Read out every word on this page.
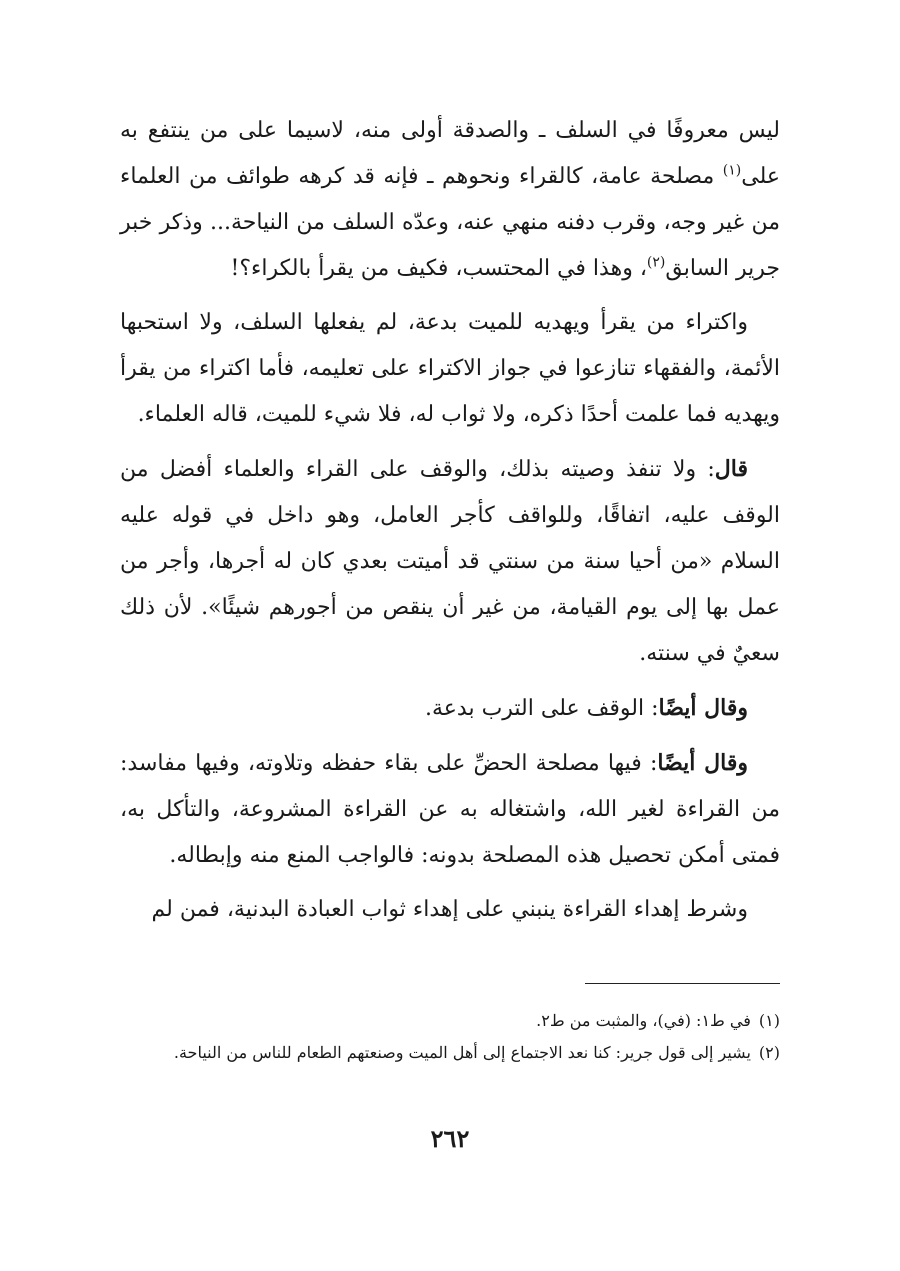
ليس معروفًا في السلف ـ والصدقة أولى منه، لاسيما على من ينتفع به على$^{(١)}$ مصلحة عامة، كالقراء ونحوهم ـ فإنه قد كرهه طوائف من العلماء من غير وجه، وقرب دفنه منهي عنه، وعدّه السلف من النياحة... وذكر خبر جرير السابق$^{(٢)}$، وهذا في المحتسب، فكيف من يقرأ بالكراء؟!

واكتراء من يقرأ ويهديه للميت بدعة، لم يفعلها السلف، ولا استحبها الأئمة، والفقهاء تنازعوا في جواز الاكتراء على تعليمه، فأما اكتراء من يقرأ ويهديه فما علمت أحدًا ذكره، ولا ثواب له، فلا شيء للميت، قاله العلماء.

قال: ولا تنفذ وصيته بذلك، والوقف على القراء والعلماء أفضل من الوقف عليه، اتفاقًا، وللواقف كأجر العامل، وهو داخل في قوله عليه السلام «من أحيا سنة من سنتي قد أميتت بعدي كان له أجرها، وأجر من عمل بها إلى يوم القيامة، من غير أن ينقص من أجورهم شيئًا». لأن ذلك سعيٌ في سنته.

وقال أيضًا: الوقف على الترب بدعة.

وقال أيضًا: فيها مصلحة الحضِّ على بقاء حفظه وتلاوته، وفيها مفاسد: من القراءة لغير الله، واشتغاله به عن القراءة المشروعة، والتأكل به، فمتى أمكن تحصيل هذه المصلحة بدونه: فالواجب المنع منه وإبطاله.

وشرط إهداء القراءة ينبني على إهداء ثواب العبادة البدنية، فمن لم

(١)
في ط١: (في)، والمثبت من ط٢.

(٢)
يشير إلى قول جرير: كنا نعد الاجتماع إلى أهل الميت وصنعتهم الطعام للناس من النياحة.

٢٦٢
